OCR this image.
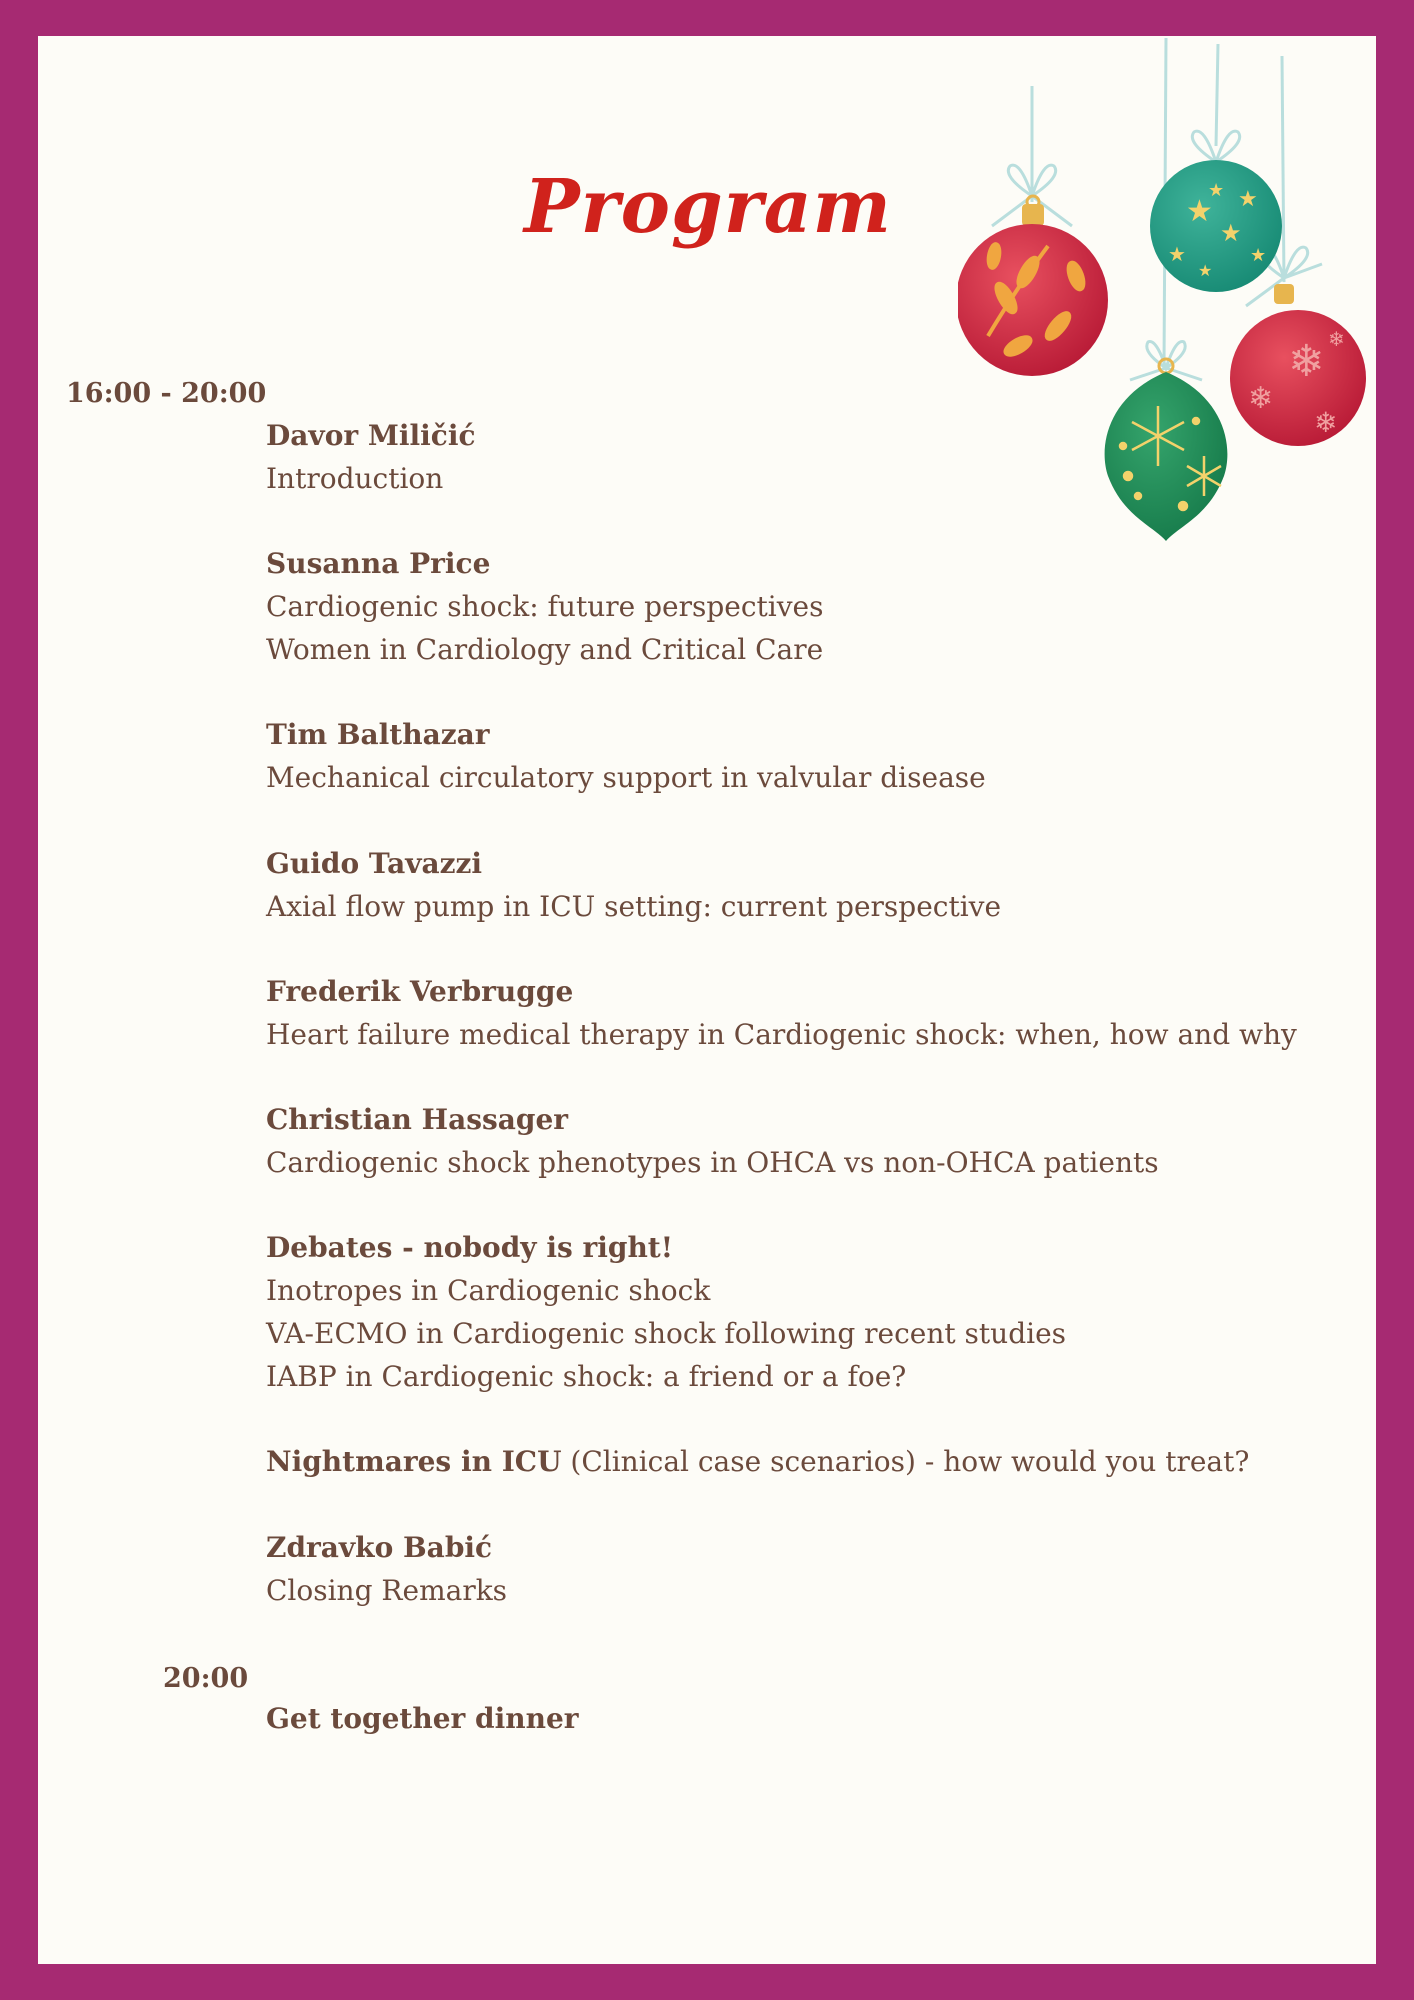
Program	★
★
★
★
★
★
★
❄
❄
❄
❄
16:00 - 20:00
Davor Miličić
Introduction
Susanna Price
Cardiogenic shock: future perspectives
Women in Cardiology and Critical Care
Tim Balthazar
Mechanical circulatory support in valvular disease
Guido Tavazzi
Axial flow pump in ICU setting: current perspective
Frederik Verbrugge
Heart failure medical therapy in Cardiogenic shock: when, how and why
Christian Hassager
Cardiogenic shock phenotypes in OHCA vs non-OHCA patients
Debates - nobody is right!
Inotropes in Cardiogenic shock
VA-ECMO in Cardiogenic shock following recent studies
IABP in Cardiogenic shock: a friend or a foe?
Nightmares in ICU (Clinical case scenarios) - how would you treat?
Zdravko Babić
Closing Remarks
20:00
Get together dinner
